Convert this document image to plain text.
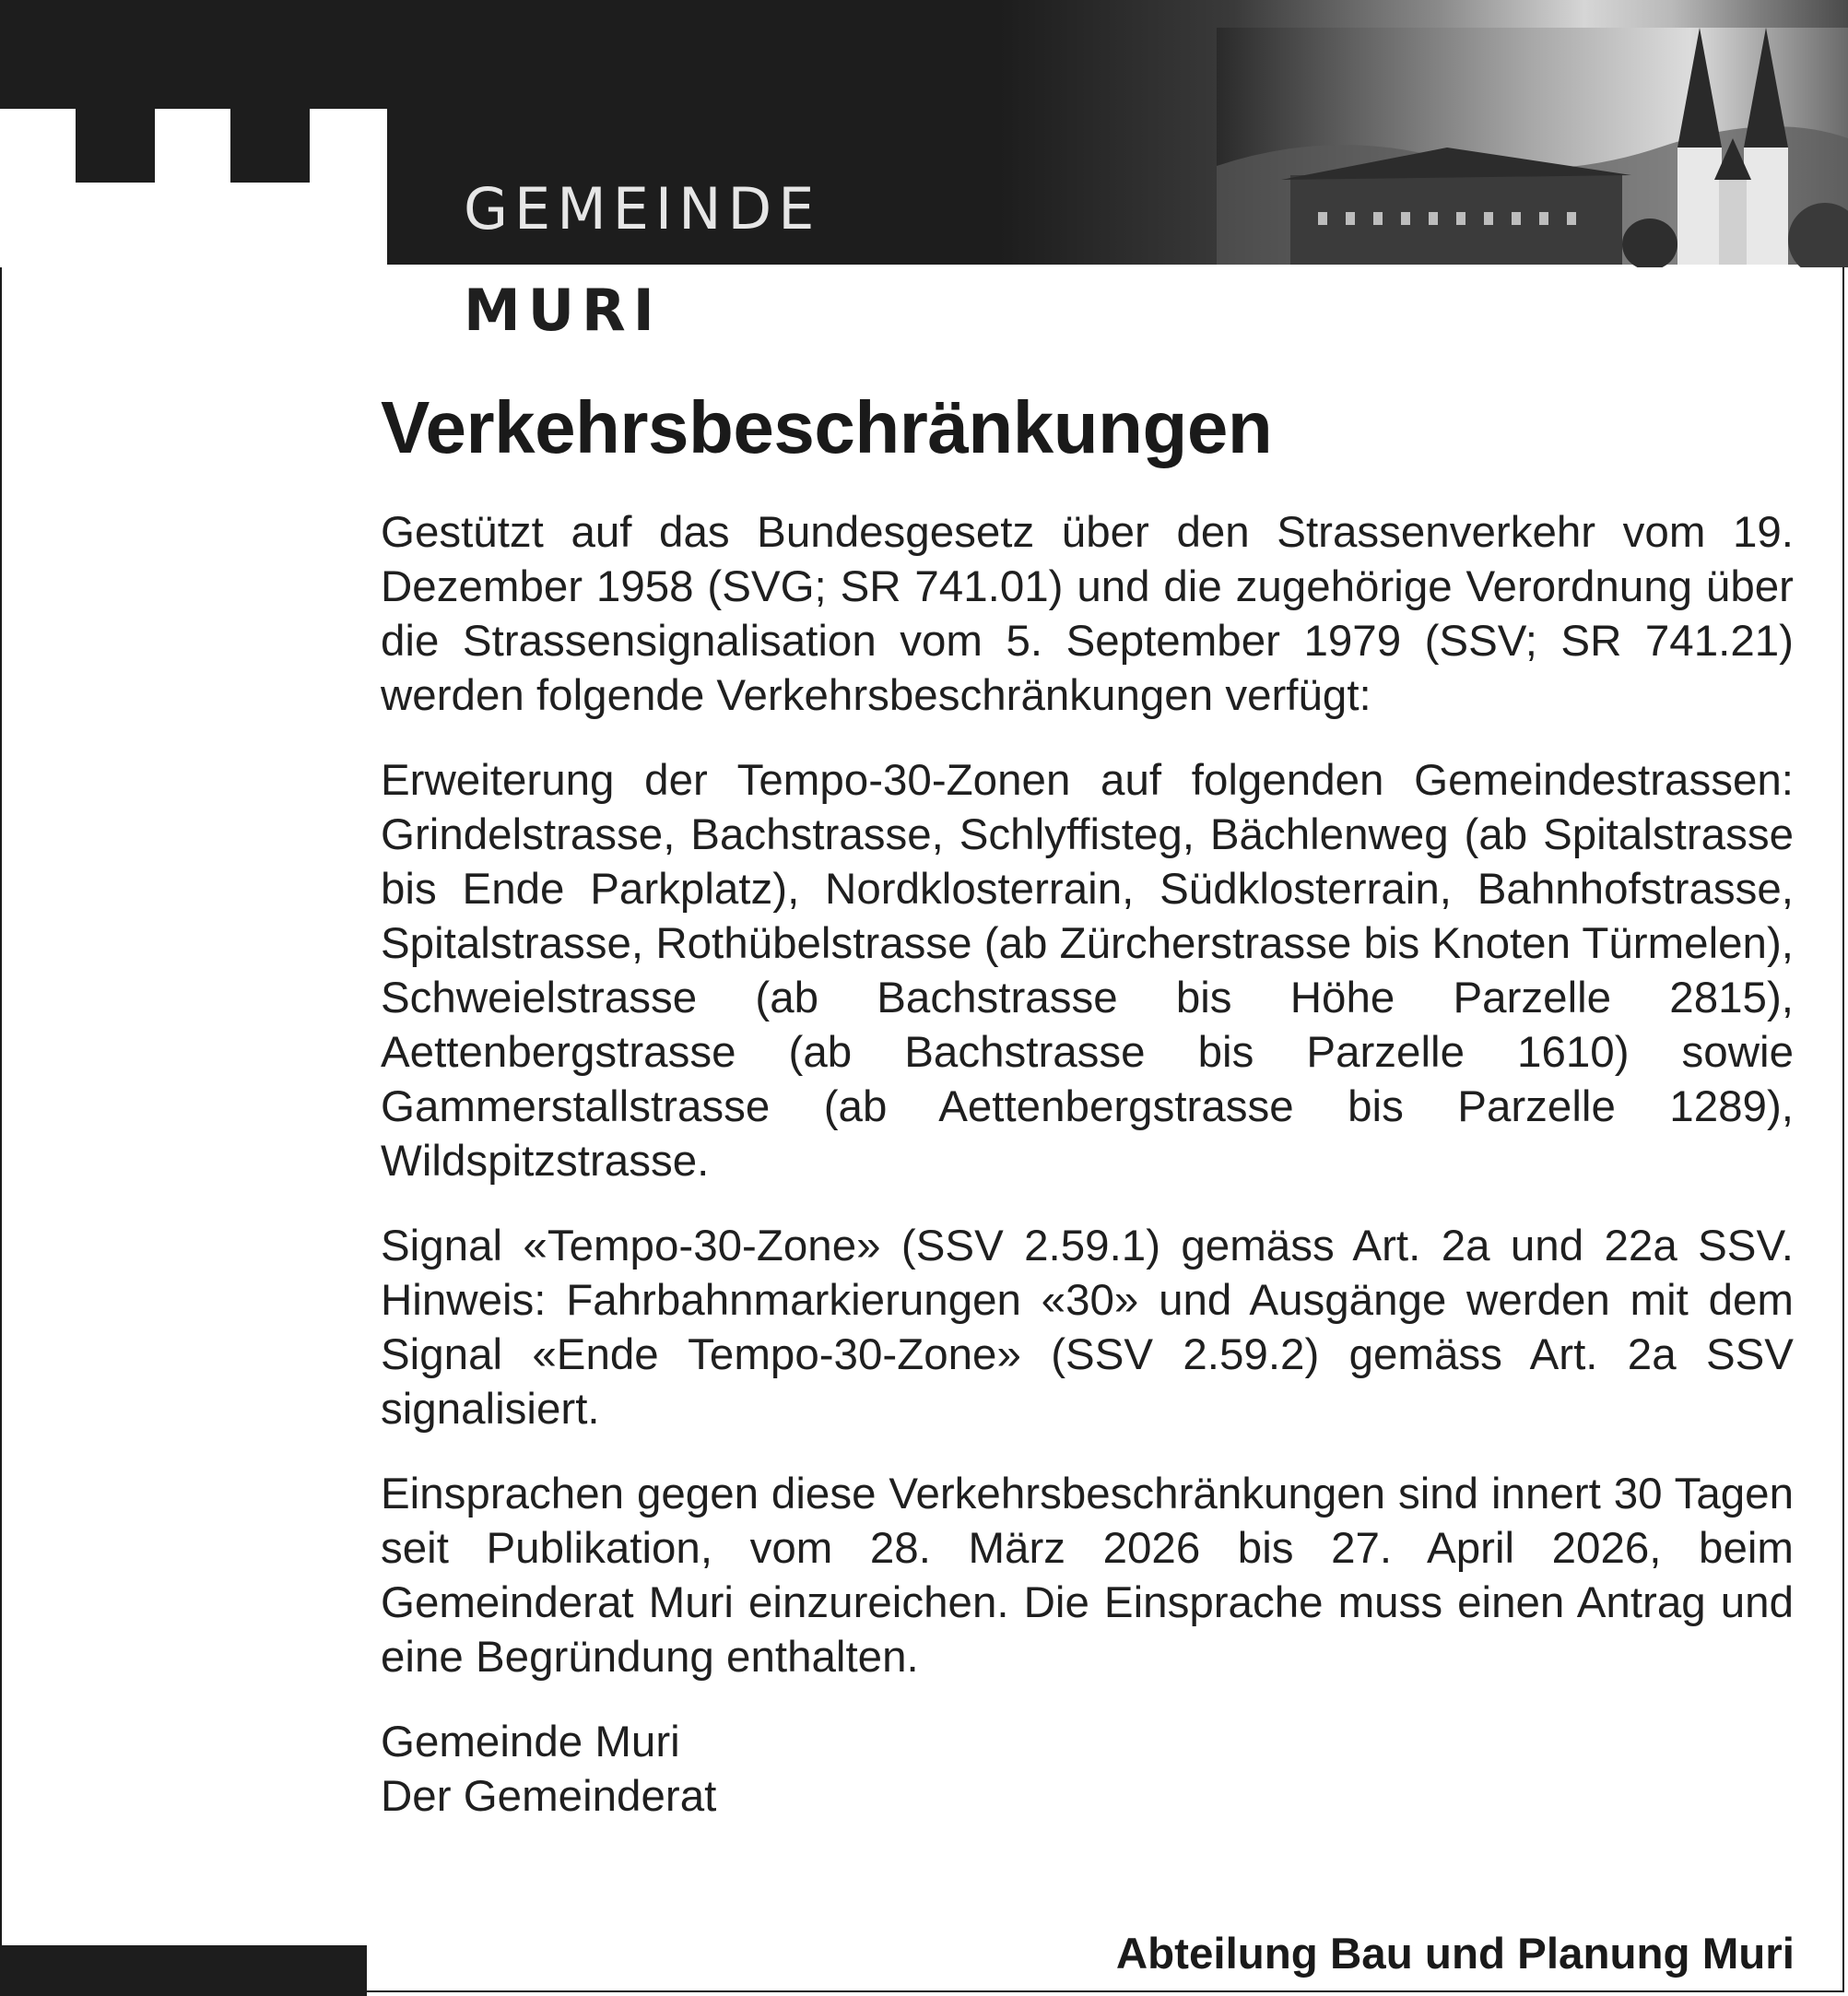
GEMEINDE
MURI
Verkehrsbeschränkungen

Gestützt auf das Bundesgesetz über den Strassenverkehr vom 19. Dezember 1958 (SVG; SR 741.01) und die zugehörige Verordnung über die Strassensignalisation vom 5. September 1979 (SSV; SR 741.21) werden folgende Verkehrsbeschränkungen verfügt:

Erweiterung der Tempo-30-Zonen auf folgenden Gemeindestrassen: Grindelstrasse, Bachstrasse, Schlyffisteg, Bächlenweg (ab Spitalstrasse bis Ende Parkplatz), Nordklosterrain, Südklosterrain, Bahnhofstrasse, Spitalstrasse, Rothübelstrasse (ab Zürcherstrasse bis Knoten Türmelen), Schweielstrasse (ab Bachstrasse bis Höhe Parzelle 2815), Aettenbergstrasse (ab Bachstrasse bis Parzelle 1610) sowie Gammerstallstrasse (ab Aettenbergstrasse bis Parzelle 1289), Wildspitzstrasse.

Signal «Tempo-30-Zone» (SSV 2.59.1) gemäss Art. 2a und 22a SSV. Hinweis: Fahrbahnmarkierungen «30» und Ausgänge werden mit dem Signal «Ende Tempo-30-Zone» (SSV 2.59.2) gemäss Art. 2a SSV signalisiert.

Einsprachen gegen diese Verkehrsbeschränkungen sind innert 30 Tagen seit Publikation, vom 28. März 2026 bis 27. April 2026, beim Gemeinderat Muri einzureichen. Die Einsprache muss einen Antrag und eine Begründung enthalten.

Gemeinde Muri
Der Gemeinderat
Abteilung Bau und Planung Muri
